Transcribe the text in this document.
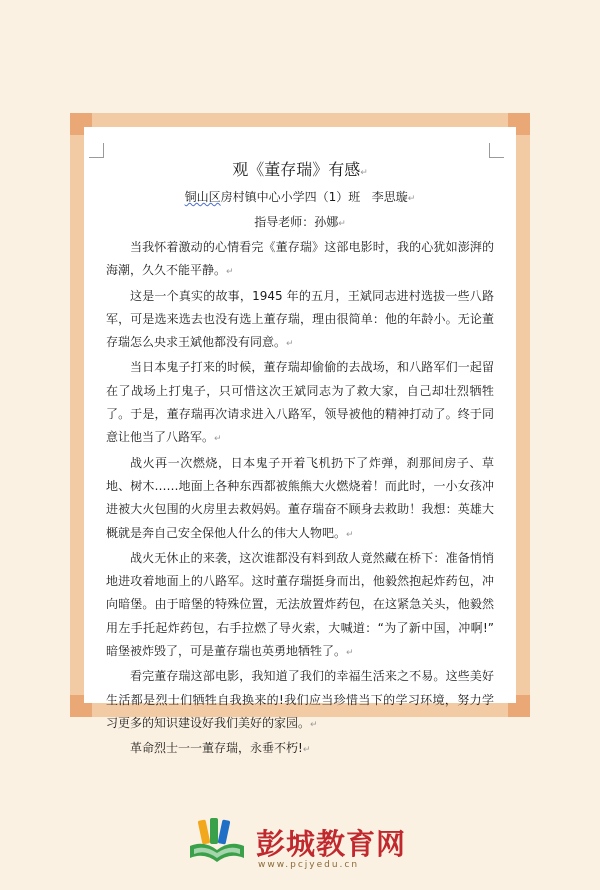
观《董存瑞》有感↵

铜山区房村镇中心小学四（1）班 李思璇↵

指导老师：孙娜↵

当我怀着激动的心情看完《董存瑞》这部电影时，我的心犹如澎湃的海潮，久久不能平静。↵

这是一个真实的故事，1945 年的五月，王斌同志进村选拔一些八路军，可是选来选去也没有选上董存瑞，理由很简单：他的年龄小。无论董存瑞怎么央求王斌他都没有同意。↵

当日本鬼子打来的时候，董存瑞却偷偷的去战场，和八路军们一起留在了战场上打鬼子，只可惜这次王斌同志为了救大家，自己却壮烈牺牲了。于是，董存瑞再次请求进入八路军，领导被他的精神打动了。终于同意让他当了八路军。↵

战火再一次燃烧，日本鬼子开着飞机扔下了炸弹，刹那间房子、草地、树木……地面上各种东西都被熊熊大火燃烧着！而此时，一小女孩冲进被大火包围的火房里去救妈妈。董存瑞奋不顾身去救助！我想：英雄大概就是奔自己安全保他人什么的伟大人物吧。↵

战火无休止的来袭，这次谁都没有料到敌人竟然藏在桥下：准备悄悄地进攻着地面上的八路军。这时董存瑞挺身而出，他毅然抱起炸药包，冲向暗堡。由于暗堡的特殊位置，无法放置炸药包，在这紧急关头，他毅然用左手托起炸药包，右手拉燃了导火索，大喊道：“为了新中国，冲啊!” 暗堡被炸毁了，可是董存瑞也英勇地牺牲了。↵

看完董存瑞这部电影，我知道了我们的幸福生活来之不易。这些美好生活都是烈士们牺牲自我换来的!我们应当珍惜当下的学习环境，努力学习更多的知识建设好我们美好的家园。↵

革命烈士一一董存瑞，永垂不朽!↵

彭城教育网
www.pcjyedu.cn
